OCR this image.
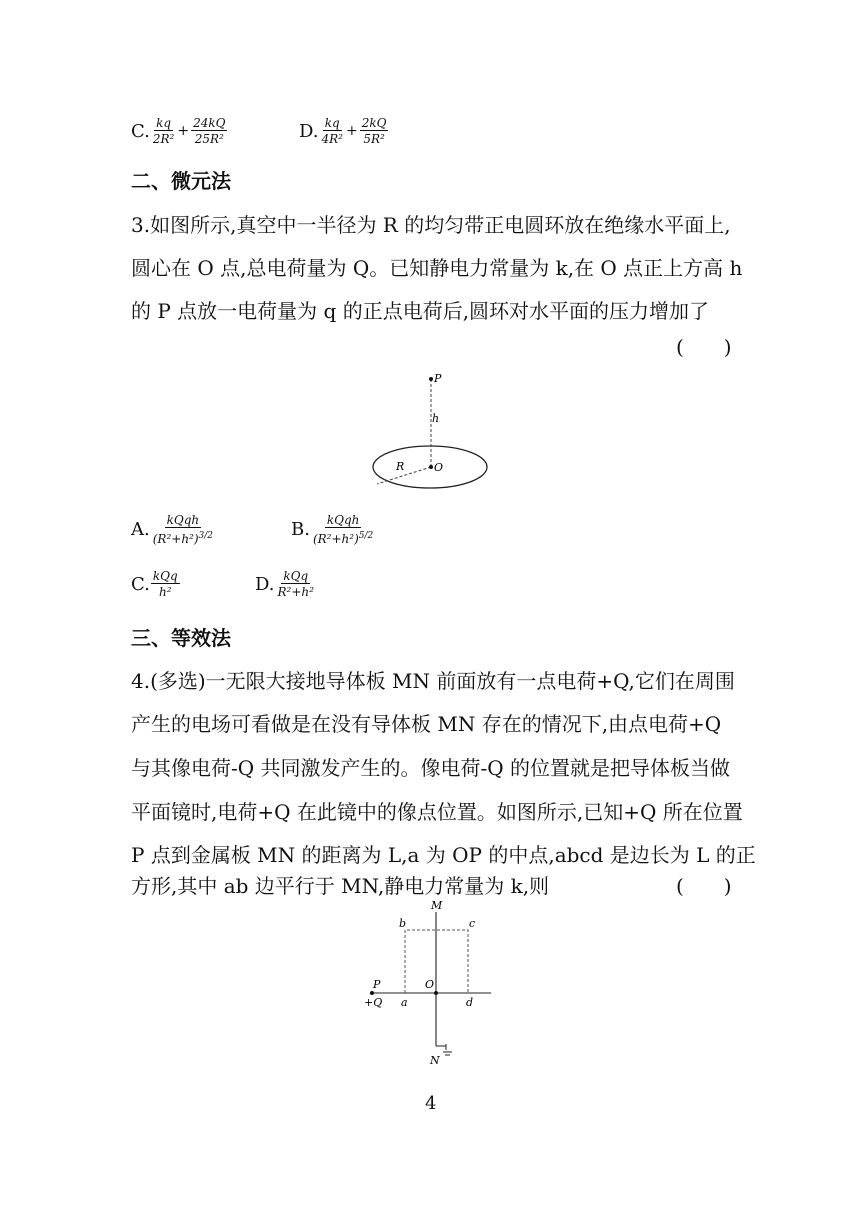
C. $\frac{kq}{\text{2R²}} + \frac{24kQ}{\text{25R²}}$	D. $\frac{kq}{\text{4R²}} + \frac{2kQ}{\text{5R²}}$
二、微元法
3.如图所示,真空中一半径为 R 的均匀带正电圆环放在绝缘水平面上,
圆心在 O 点,总电荷量为 Q。已知静电力常量为 k,在 O 点正上方高 h
的 P 点放一电荷量为 q 的正点电荷后,圆环对水平面的压力增加了
(　　)
P
h
R	O
A. $\frac{\text{kQqh}}{(R^2+h^2)^{3/2}}$	B. $\frac{\text{kQqh}}{(R^2+h^2)^{5/2}}$
C. $\frac{\text{kQq}}{\text{h²}}$	D. $\frac{\text{kQq}}{\text{R²+h²}}$
三、等效法
4.(多选)一无限大接地导体板 MN 前面放有一点电荷+Q,它们在周围
产生的电场可看做是在没有导体板 MN 存在的情况下,由点电荷+Q
与其像电荷-Q 共同激发产生的。像电荷-Q 的位置就是把导体板当做
平面镜时,电荷+Q 在此镜中的像点位置。如图所示,已知+Q 所在位置
P 点到金属板 MN 的距离为 L,a 为 OP 的中点,abcd 是边长为 L 的正
方形,其中 ab 边平行于 MN,静电力常量为 k,则	(　　)
M
b	c
P	O
+Q a	d
N
4
